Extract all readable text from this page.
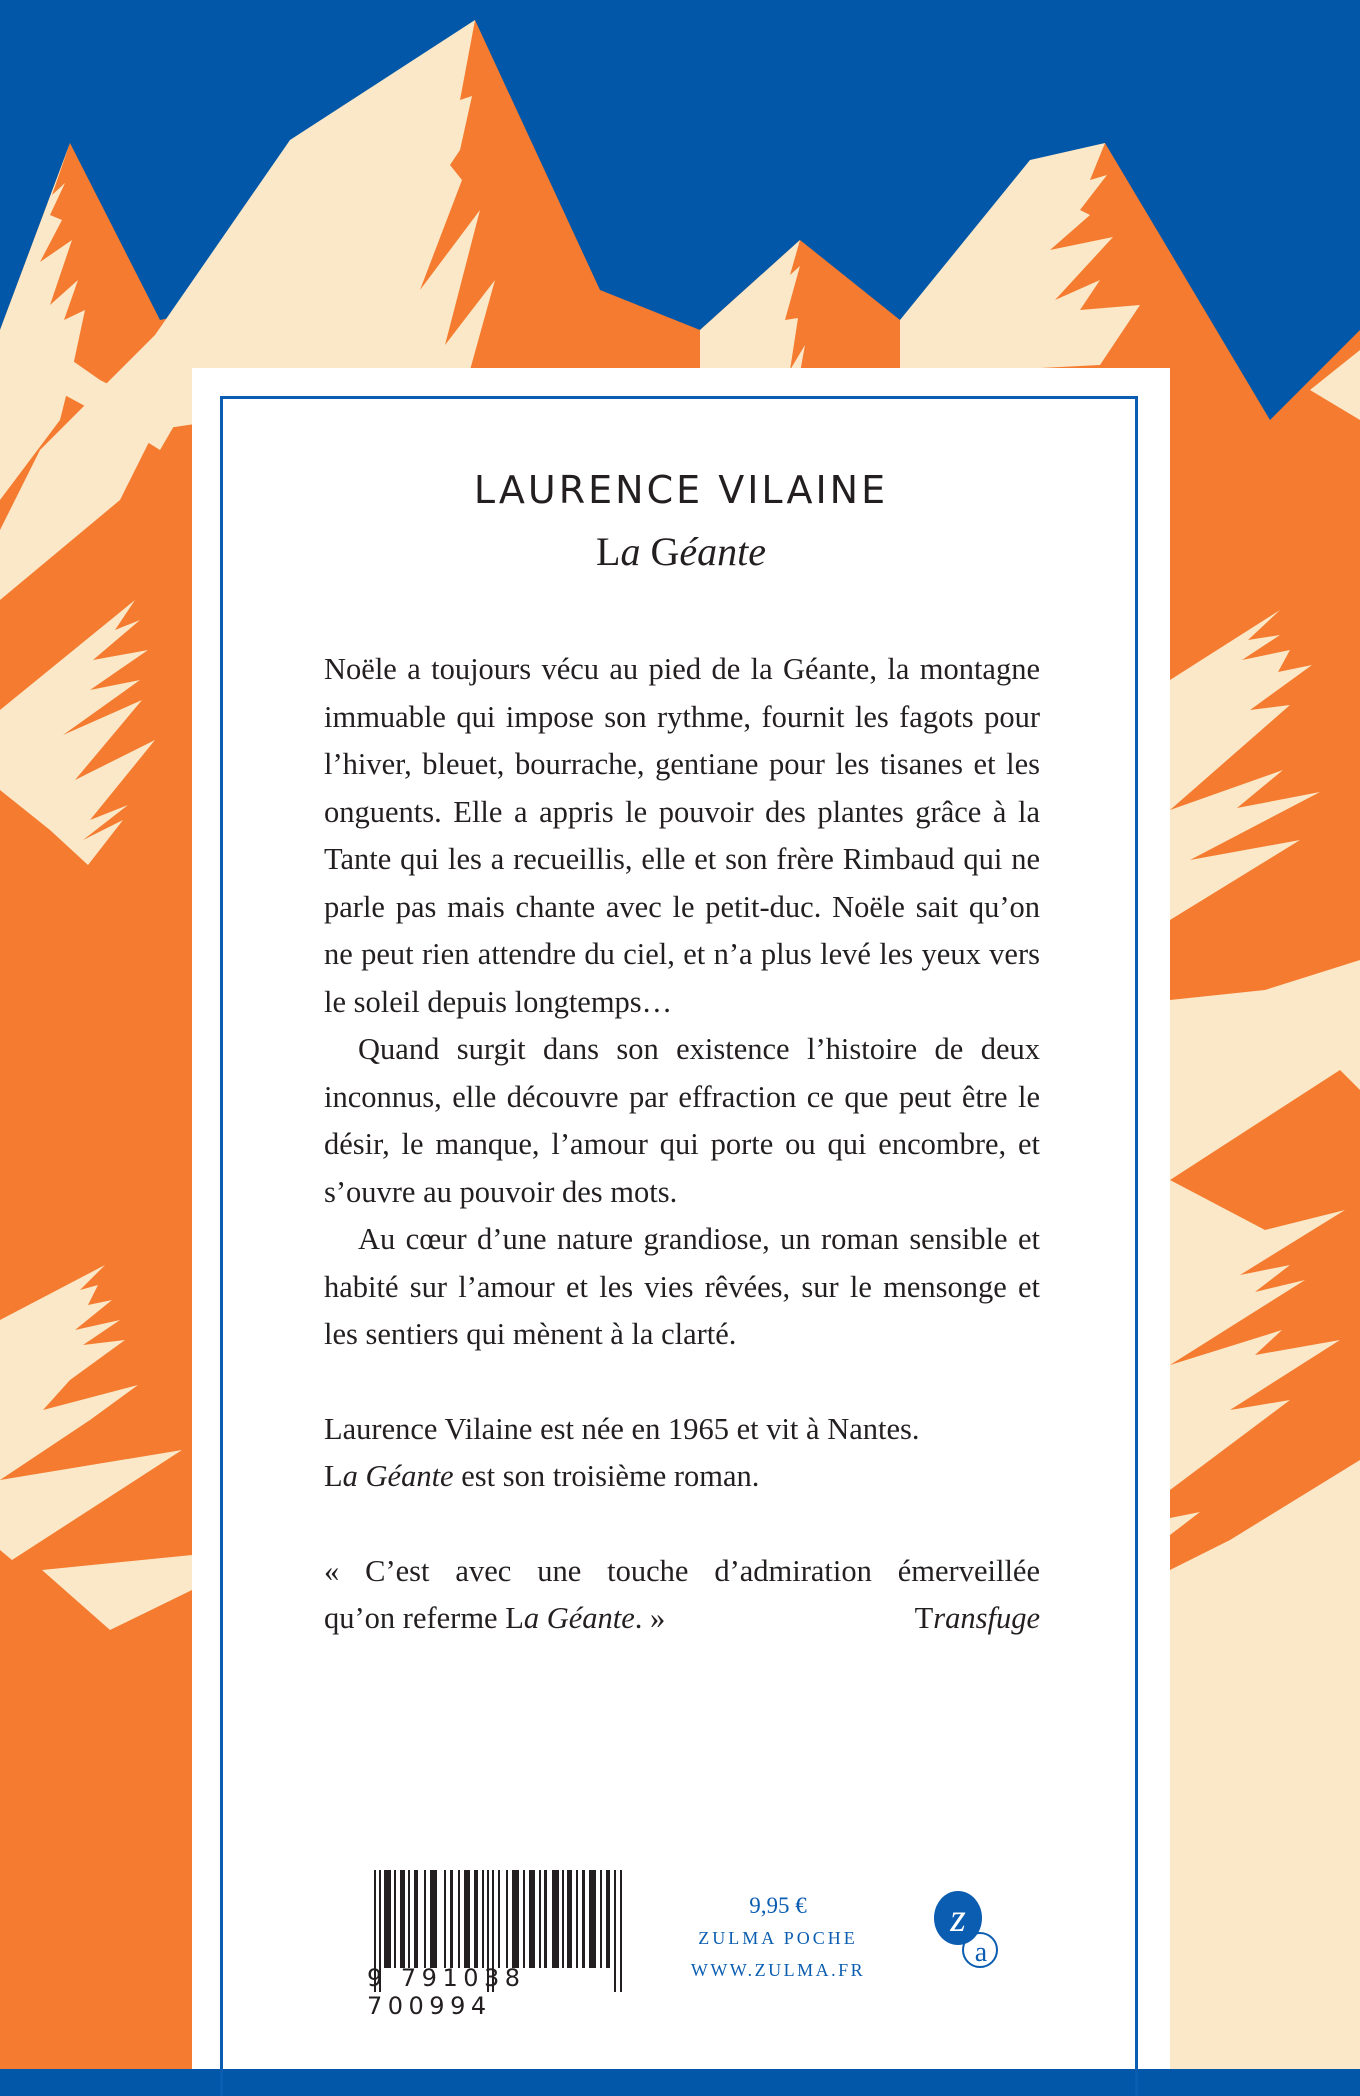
LAURENCE VILAINE
La Géante

Noële a toujours vécu au pied de la Géante, la montagne immuable qui impose son rythme, fournit les fagots pour l’hiver, bleuet, bourrache, gentiane pour les tisanes et les onguents. Elle a appris le pouvoir des plantes grâce à la Tante qui les a recueillis, elle et son frère Rimbaud qui ne parle pas mais chante avec le petit-duc. Noële sait qu’on ne peut rien attendre du ciel, et n’a plus levé les yeux vers le soleil depuis longtemps…

Quand surgit dans son existence l’histoire de deux inconnus, elle découvre par effraction ce que peut être le désir, le manque, l’amour qui porte ou qui encombre, et s’ouvre au pouvoir des mots.

Au cœur d’une nature grandiose, un roman sensible et habité sur l’amour et les vies rêvées, sur le mensonge et les sentiers qui mènent à la clarté.

Laurence Vilaine est née en 1965 et vit à Nantes.

La Géante est son troisième roman.

« C’est avec une touche d’admiration émerveillée

qu’on referme La Géante. »	Transfuge
9 791038 700994
9,95 €
ZULMA POCHE
WWW.ZULMA.FR
z
a
